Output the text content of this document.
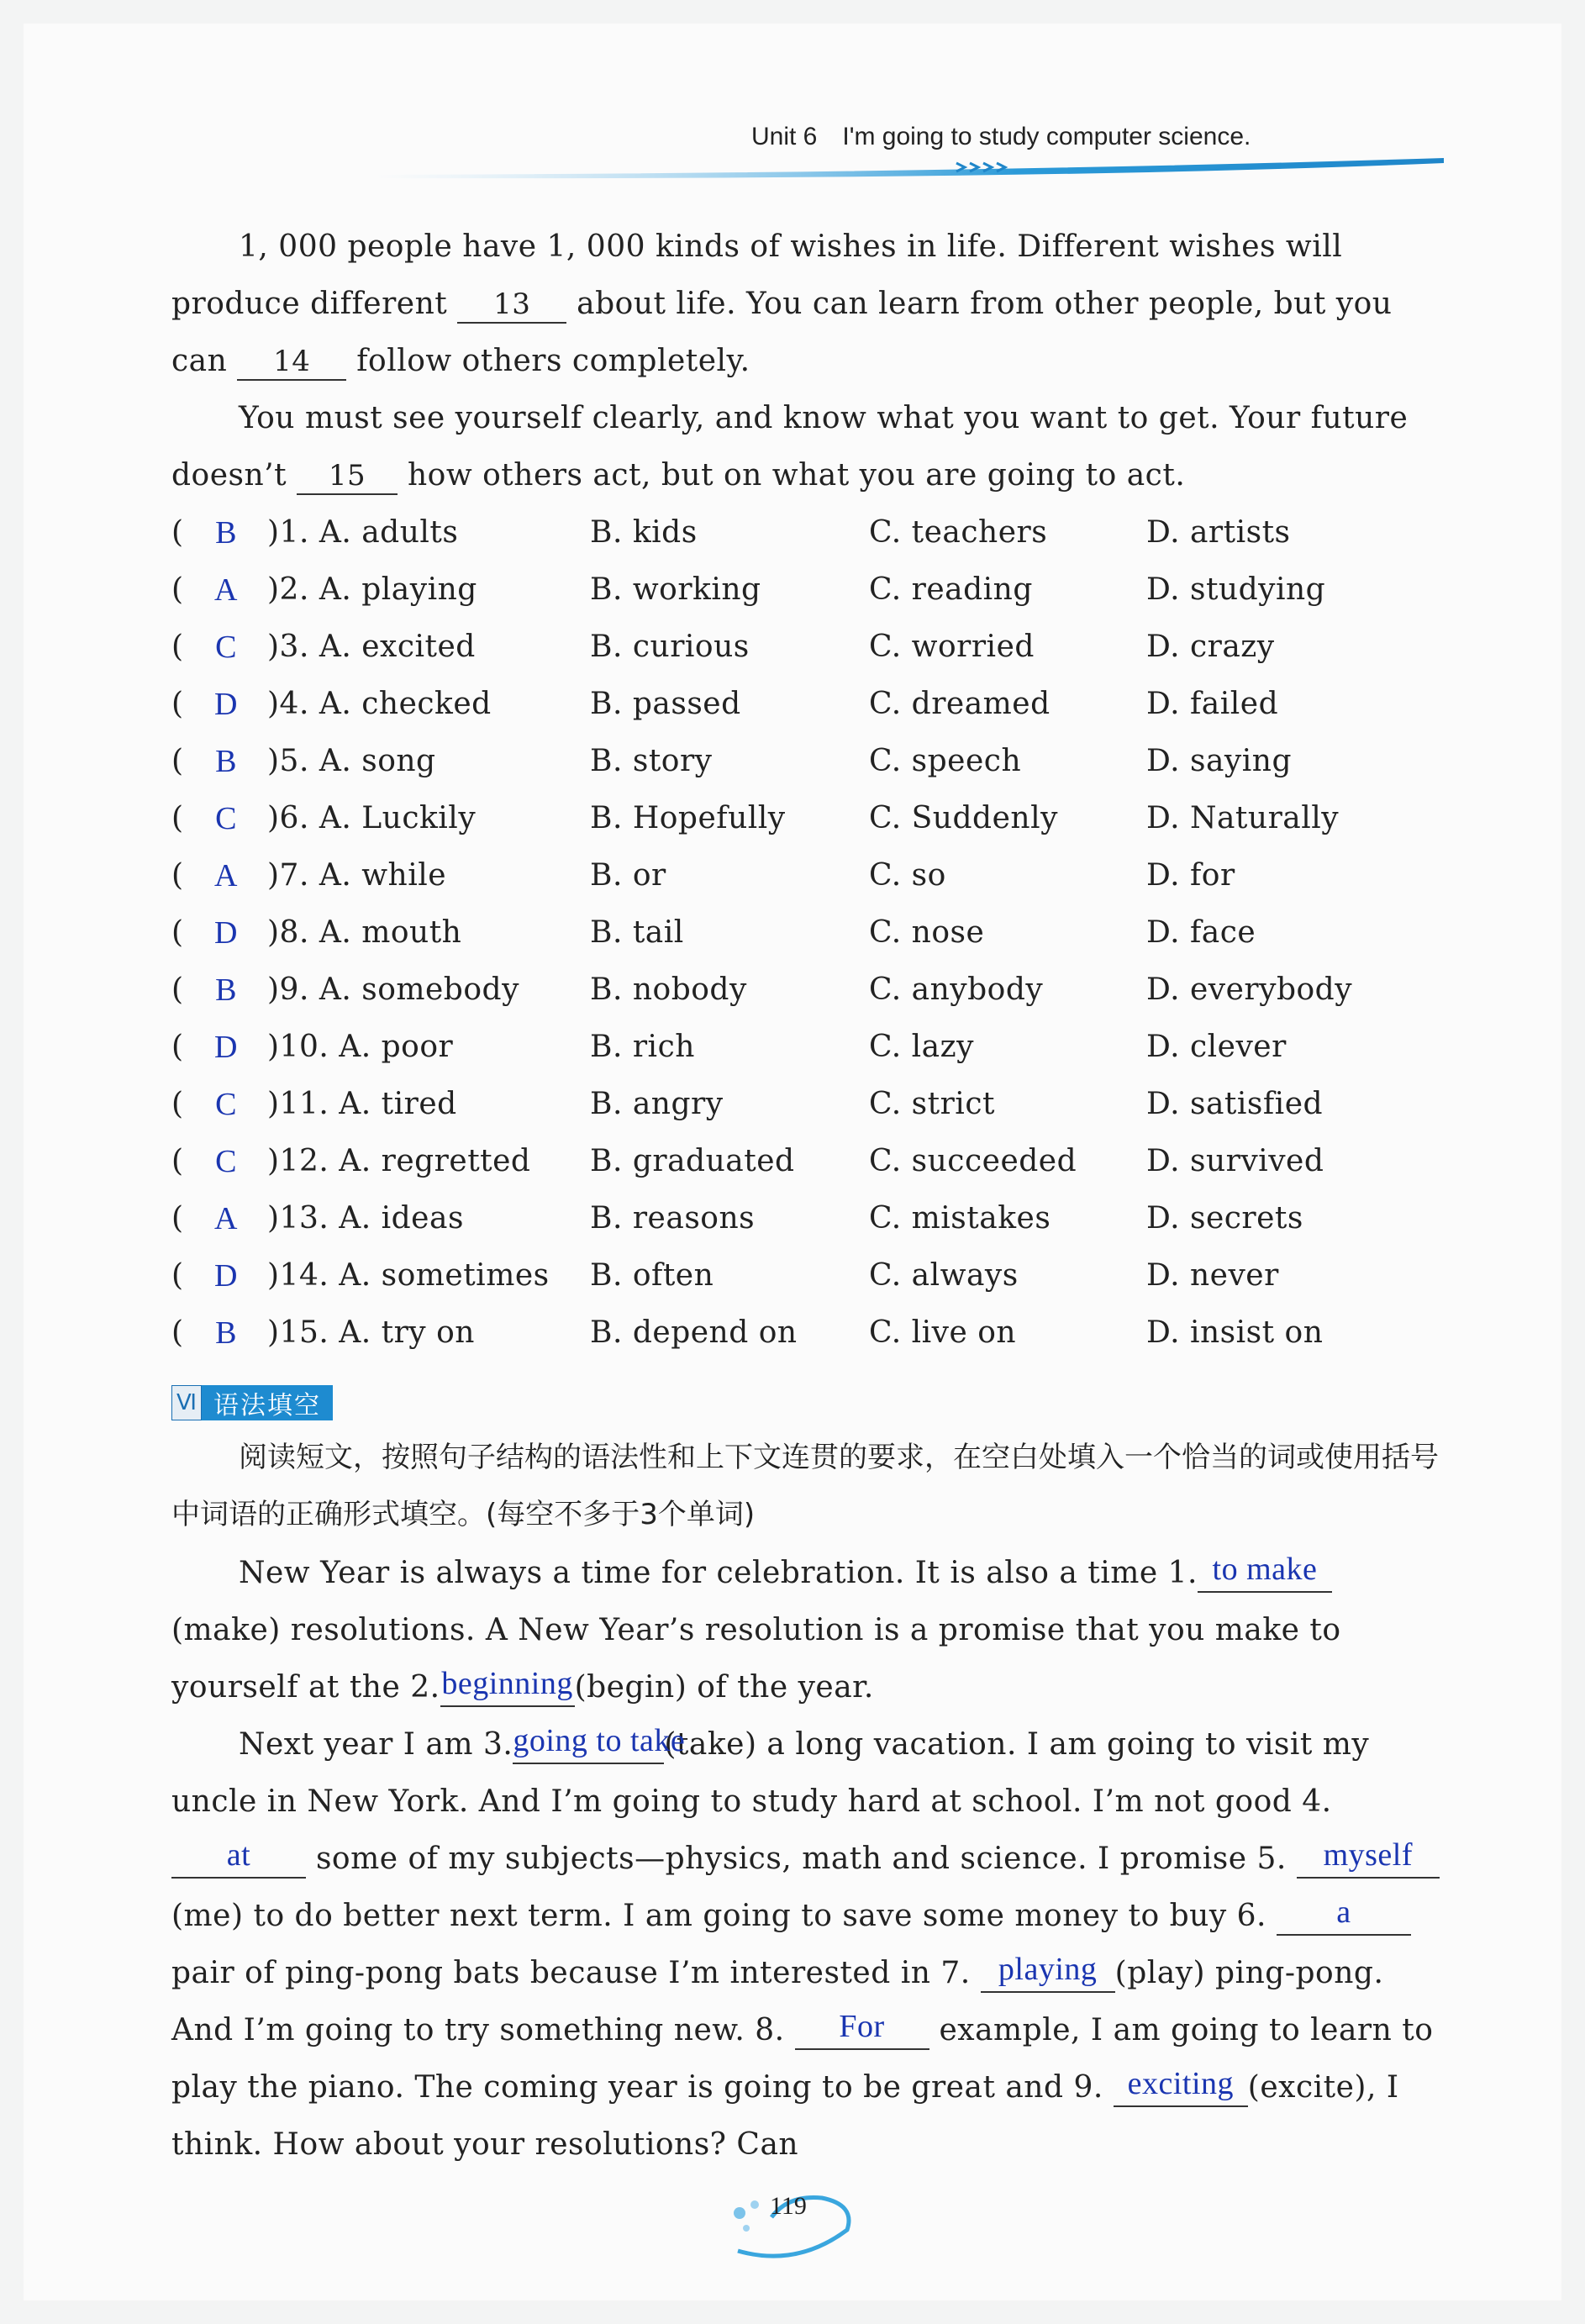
Unit 6 I'm going to study computer science.
1, 000 people have 1, 000 kinds of wishes in life. Different wishes will produce different 13 about life. You can learn from other people, but you can 14 follow others completely.
You must see yourself clearly, and know what you want to get. Your future doesn’t 15 how others act, but on what you are going to act.
( B	)1. A. adults	B. kids	C. teachers	D. artists
( A )2. A. playing	B. working	C. reading	D. studying
( C	)3. A. excited	B. curious	C. worried	D. crazy
( D )4. A. checked	B. passed	C. dreamed	D. failed
( B	)5. A. song	B. story	C. speech	D. saying
( C	)6. A. Luckily	B. Hopefully	C. Suddenly	D. Naturally
( A )7. A. while	B. or	C. so	D. for
( D )8. A. mouth	B. tail	C. nose	D. face
( B	)9. A. somebody B. nobody	C. anybody	D. everybody
( D )10. A. poor	B. rich	C. lazy	D. clever
( C	)11. A. tired	B. angry	C. strict	D. satisfied
( C	)12. A. regretted B. graduated C. succeeded D. survived
( A )13. A. ideas	B. reasons	C. mistakes	D. secrets
( D )14. A. sometimes B. often	C. always	D. never
( B	)15. A. try on	B. depend on C. live on	D. insist on
Ⅵ 语法填空
阅读短文，按照句子结构的语法性和上下文连贯的要求，在空白处填入一个恰当的词或使用括号中词语的正确形式填空。(每空不多于3个单词)
New Year is always a time for celebration. It is also a time 1. to make
(make) resolutions. A New Year’s resolution is a promise that you make to yourself at the 2. beginning (begin) of the year.
Next year I am 3. going to take
(take) a long vacation. I am going to visit my uncle in New York. And I’m going to study hard at school. I’m not good 4.
at	some of my subjects—physics, math and science. I promise 5.	myself
(me) to do better next term. I am going to save some money to buy 6.	a
pair of ping-pong bats because I’m interested in 7. playing (play) ping-pong. And I’m going to try something new. 8.	For	example, I am going to learn to play the piano. The coming year is going to be great and 9. exciting (excite), I think. How about your resolutions? Can
119
